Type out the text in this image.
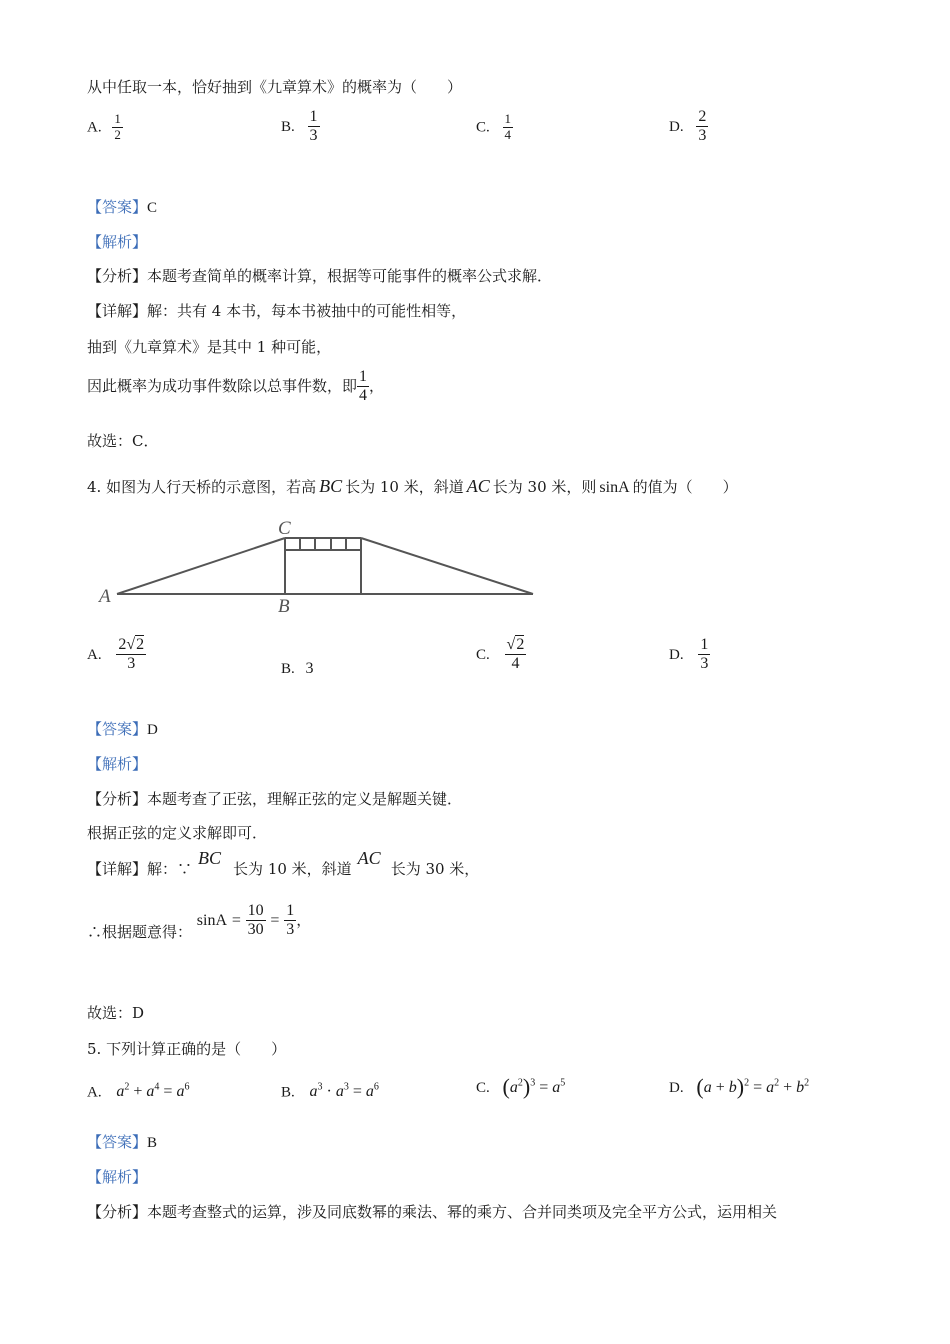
从中任取一本，恰好抽到《九章算术》的概率为（　　）
A. $\frac{1}{2}$	B. $\frac{1}{3}$	C. $\frac{1}{4}$	D. $\frac{2}{3}$
【答案】C
【解析】
【分析】本题考查简单的概率计算，根据等可能事件的概率公式求解．
【详解】解：共有 4 本书，每本书被抽中的可能性相等，
抽到《九章算术》是其中 1 种可能，
因此概率为成功事件数除以总事件数，即 $\frac{1}{4}$ ，
故选：C．
4. 如图为人行天桥的示意图，若高 BC 长为 10 米，斜道 AC 长为 30 米，则 sinA 的值为（　　）
A	B
C
A. $\frac{2√2}{3}$	B. 3
C. $\frac{√2}{4}$	D. $\frac{1}{3}$
【答案】D
【解析】
【分析】本题考查了正弦，理解正弦的定义是解题关键．
根据正弦的定义求解即可．
【详解】解：∵BC长为 10 米，斜道AC长为 30 米，
∴根据题意得： $\sin A = \frac{10}{30} = \frac{1}{3}$ ，
故选：D
5. 下列计算正确的是（　　）
A. $a^2 + a^4 = a^6$	B. $a^3 \cdot a^3 = a^6$	C. $(a^2)^3 = a^5$	D. $(a + b)^2 = a^2 + b^2$
【答案】B
【解析】
【分析】本题考查整式的运算，涉及同底数幂的乘法、幂的乘方、合并同类项及完全平方公式，运用相关
